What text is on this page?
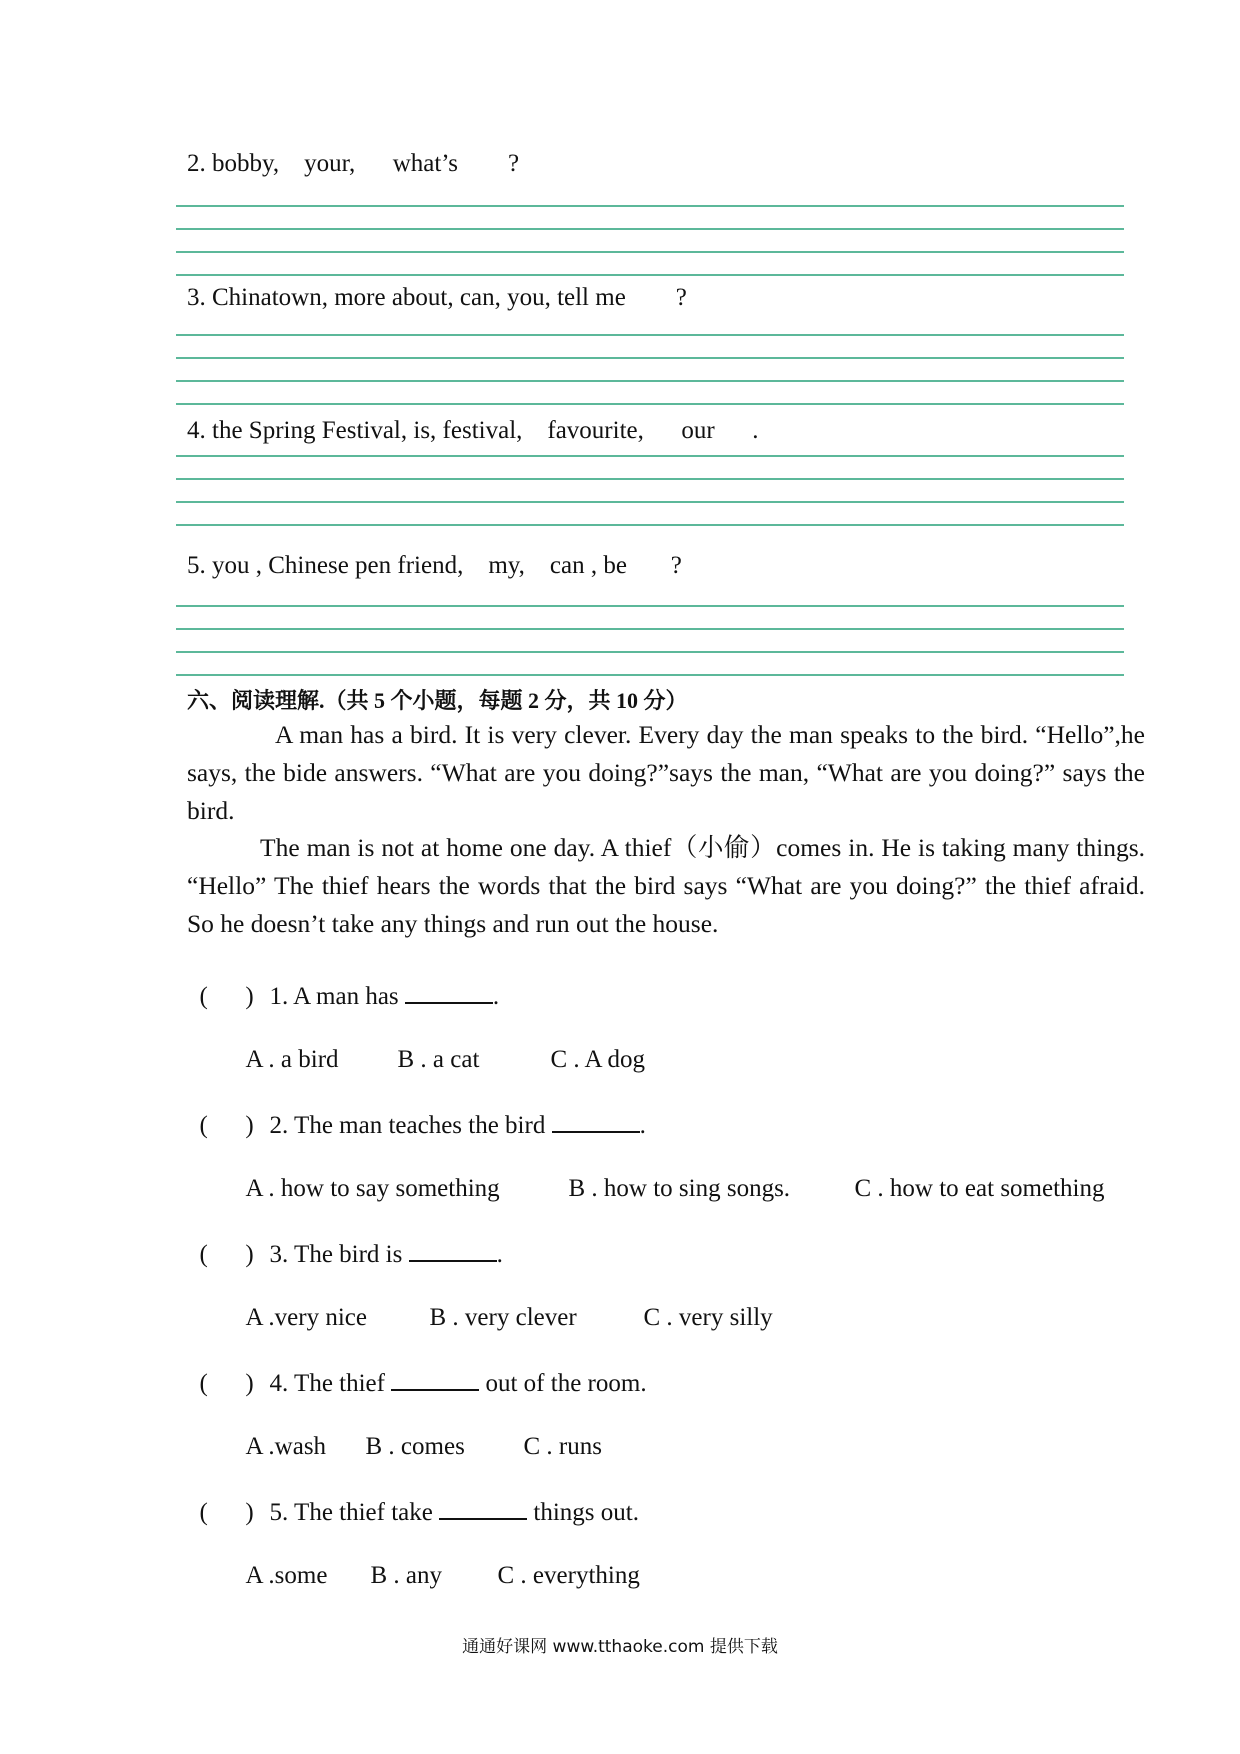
2. bobby,    your,      what’s        ?
3. Chinatown, more about, can, you, tell me        ?
4. the Spring Festival, is, festival,    favourite,      our      .
5. you , Chinese pen friend,    my,    can , be       ?
六、阅读理解.（共 5 个小题，每题 2 分，共 10 分）

A man has a bird. It is very clever. Every day the man speaks to the bird. “Hello”,he says, the bide answers. “What are you doing?”says the man, “What are you doing?” says the bird.

The man is not at home one day. A thief（小偷）comes in. He is taking many things. “Hello” The thief hears the words that the bird says “What are you doing?” the thief afraid. So he doesn’t take any things and run out the house.

(      ) 1. A man has	.

A . a bird B . a cat	C . A dog

(      ) 2. The man teaches the bird	.

A . how to say something	B . how to sing songs.	C . how to eat something

(      ) 3. The bird is	.

A .very nice	B . very clever	C . very silly

(      ) 4. The thief	out of the room.

A .wash B . comes C . runs

(      ) 5. The thief take	things out.

A .some B . any C . everything

通通好课网 www.tthaoke.com 提供下载
